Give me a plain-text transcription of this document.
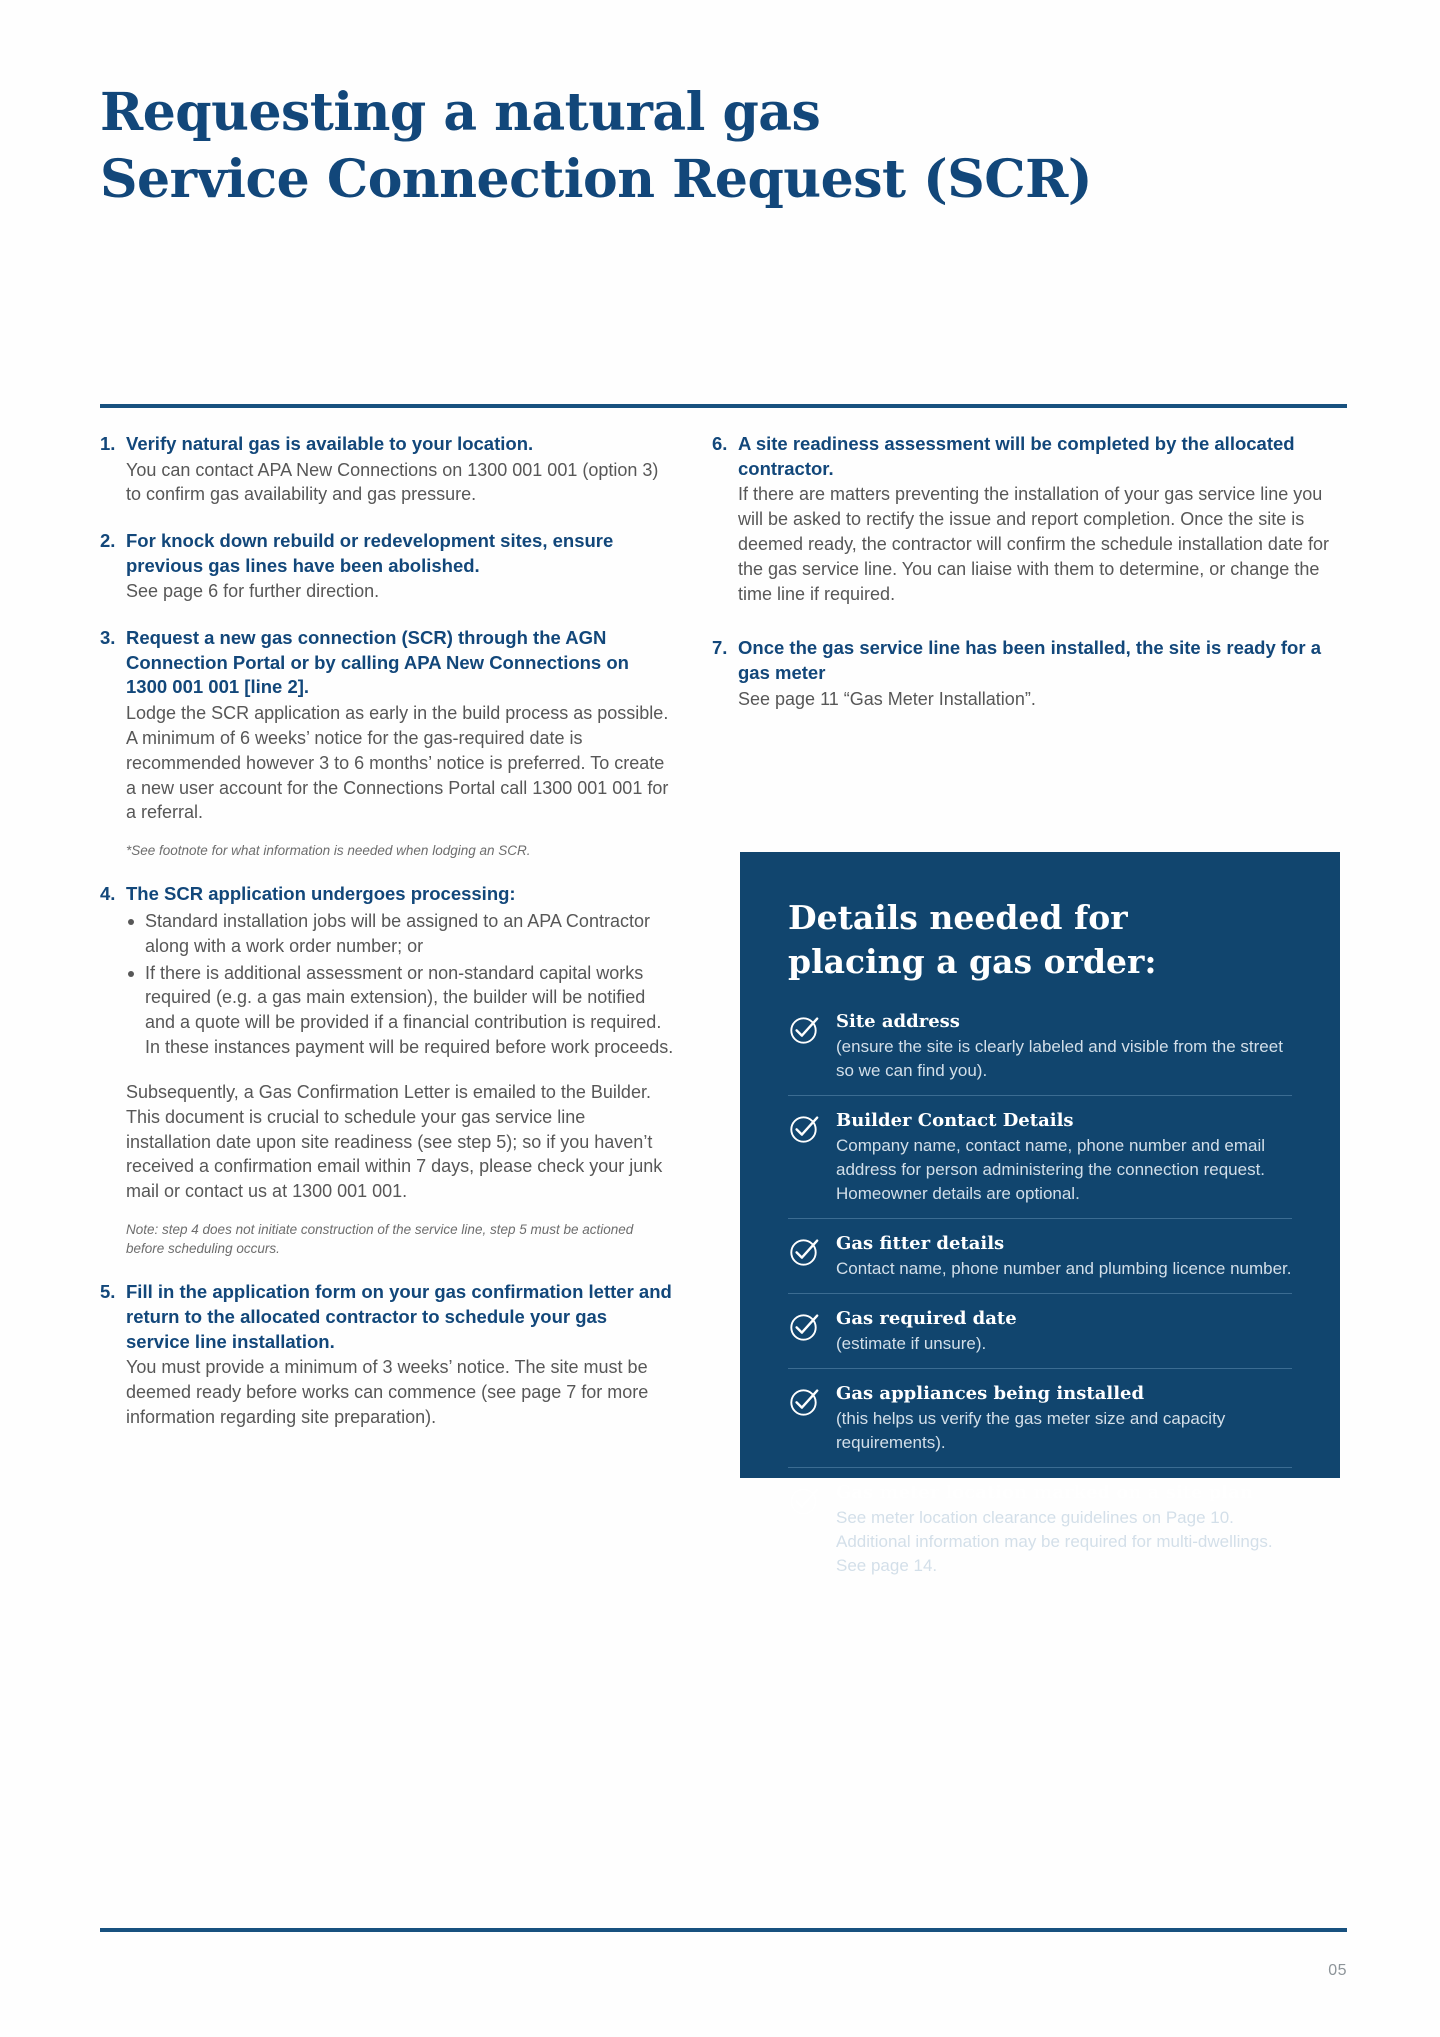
Requesting a natural gas
Service Connection Request (SCR)
1. Verify natural gas is available to your location.

You can contact APA New Connections on 1300 001 001 (option 3) to confirm gas availability and gas pressure.

2. For knock down rebuild or redevelopment sites, ensure previous gas lines have been abolished.

See page 6 for further direction.

3. Request a new gas connection (SCR) through the AGN Connection Portal or by calling APA New Connections on 1300 001 001 [line 2].

Lodge the SCR application as early in the build process as possible. A minimum of 6 weeks’ notice for the gas-required date is recommended however 3 to 6 months’ notice is preferred. To create a new user account for the Connections Portal call 1300 001 001 for a referral.

*See footnote for what information is needed when lodging an SCR.
4. The SCR application undergoes processing:
Standard installation jobs will be assigned to an APA Contractor along with a work order number; or
If there is additional assessment or non-standard capital works required (e.g. a gas main extension), the builder will be notified and a quote will be provided if a financial contribution is required. In these instances payment will be required before work proceeds.

Subsequently, a Gas Confirmation Letter is emailed to the Builder. This document is crucial to schedule your gas service line installation date upon site readiness (see step 5); so if you haven’t received a confirmation email within 7 days, please check your junk mail or contact us at 1300 001 001.

Note: step 4 does not initiate construction of the service line, step 5 must be actioned before scheduling occurs.
5. Fill in the application form on your gas confirmation letter and return to the allocated contractor to schedule your gas service line installation.

You must provide a minimum of 3 weeks’ notice. The site must be deemed ready before works can commence (see page 7 for more information regarding site preparation).

6. A site readiness assessment will be completed by the allocated contractor.

If there are matters preventing the installation of your gas service line you will be asked to rectify the issue and report completion. Once the site is deemed ready, the contractor will confirm the schedule installation date for the gas service line. You can liaise with them to determine, or change the time line if required.

7. Once the gas service line has been installed, the site is ready for a gas meter

See page 11 “Gas Meter Installation”.

Details needed for
placing a gas order:
Site address
(ensure the site is clearly labeled and visible from the street so we can find you).
Builder Contact Details
Company name, contact name, phone number and email address for person administering the connection request. Homeowner details are optional.
Gas fitter details
Contact name, phone number and plumbing licence number.
Gas required date
(estimate if unsure).
Gas appliances being installed
(this helps us verify the gas meter size and capacity requirements).
Gas meter location marked on a site plan
See meter location clearance guidelines on Page 10. Additional information may be required for multi-dwellings. See page 14.
05
